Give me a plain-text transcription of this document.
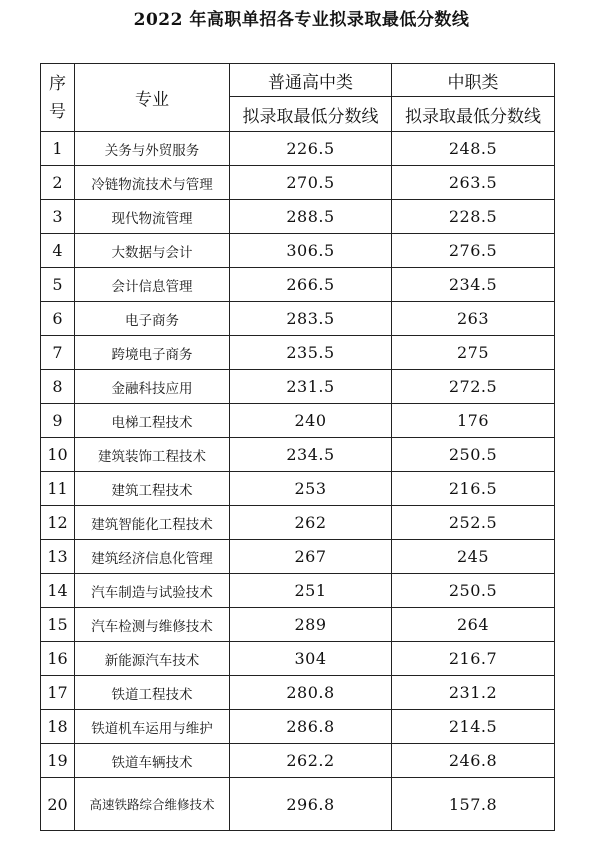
2022 年高职单招各专业拟录取最低分数线
序
号	专业	普通高中类	中职类
		拟录取最低分数线	拟录取最低分数线
1	关务与外贸服务	226.5	248.5
2	冷链物流技术与管理	270.5	263.5
3	现代物流管理	288.5	228.5
4	大数据与会计	306.5	276.5
5	会计信息管理	266.5	234.5
6	电子商务	283.5	263
7	跨境电子商务	235.5	275
8	金融科技应用	231.5	272.5
9	电梯工程技术	240	176
10	建筑装饰工程技术	234.5	250.5
11	建筑工程技术	253	216.5
12	建筑智能化工程技术	262	252.5
13	建筑经济信息化管理	267	245
14	汽车制造与试验技术	251	250.5
15	汽车检测与维修技术	289	264
16	新能源汽车技术	304	216.7
17	铁道工程技术	280.8	231.2
18	铁道机车运用与维护	286.8	214.5
19	铁道车辆技术	262.2	246.8
20	高速铁路综合维修技术	296.8	157.8
